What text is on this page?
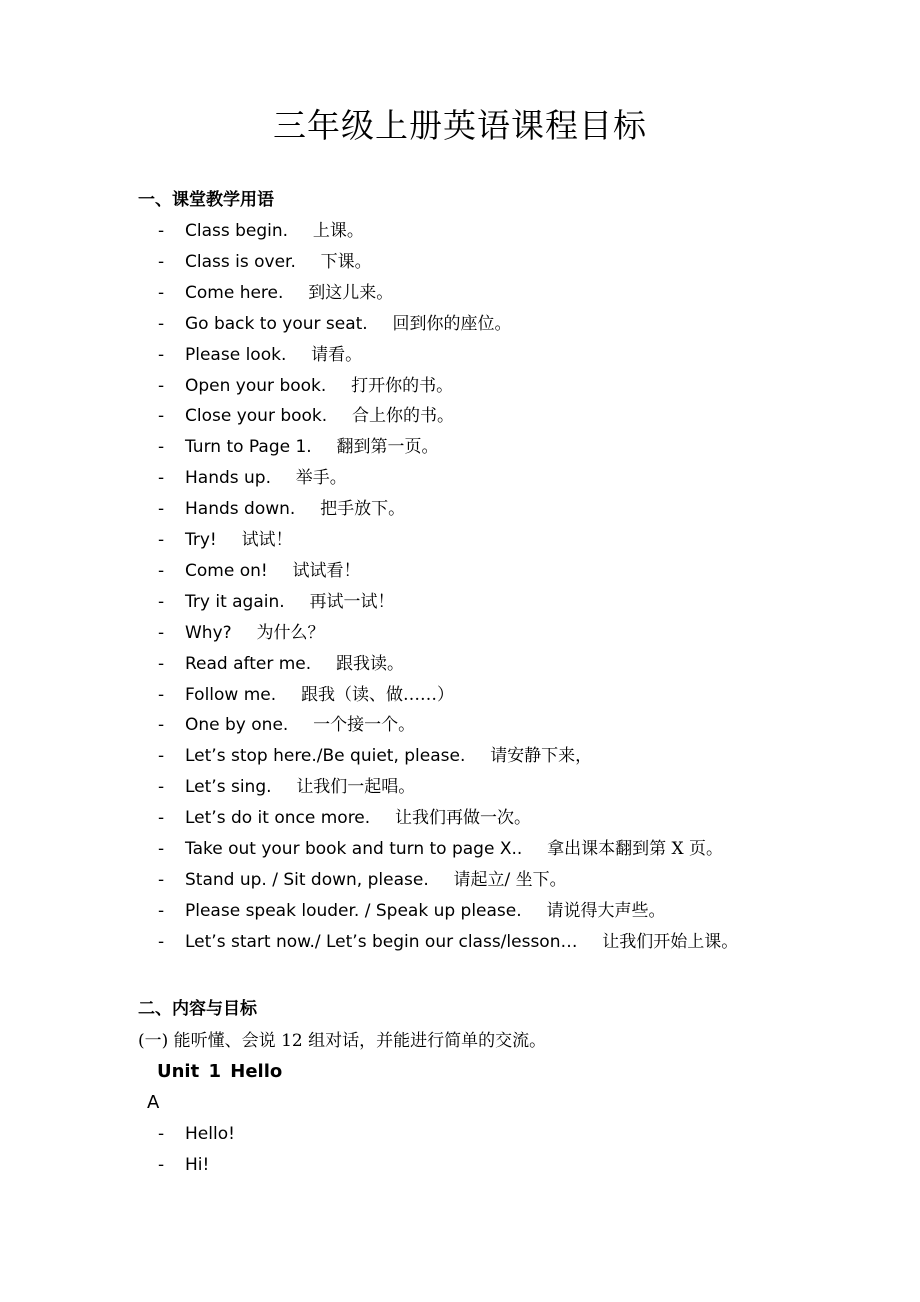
三年级上册英语课程目标
一、课堂教学用语
- Class begin. 上课。
- Class is over. 下课。
- Come here. 到这儿来。
- Go back to your seat. 回到你的座位。
- Please look. 请看。
- Open your book. 打开你的书。
- Close your book. 合上你的书。
- Turn to Page 1. 翻到第一页。
- Hands up. 举手。
- Hands down. 把手放下。
- Try! 试试！
- Come on! 试试看！
- Try it again. 再试一试！
- Why? 为什么？
- Read after me. 跟我读。
- Follow me. 跟我（读、做……）
- One by one. 一个接一个。
- Let’s stop here./Be quiet, please. 请安静下来，
- Let’s sing. 让我们一起唱。
- Let’s do it once more. 让我们再做一次。
- Take out your book and turn to page X.. 拿出课本翻到第 X 页。
- Stand up. / Sit down, please. 请起立/ 坐下。
- Please speak louder. / Speak up please. 请说得大声些。
- Let’s start now./ Let’s begin our class/lesson… 让我们开始上课。
二、内容与目标
(一) 能听懂、会说 12 组对话，并能进行简单的交流。
Unit 1 Hello
A
- Hello!
- Hi!
